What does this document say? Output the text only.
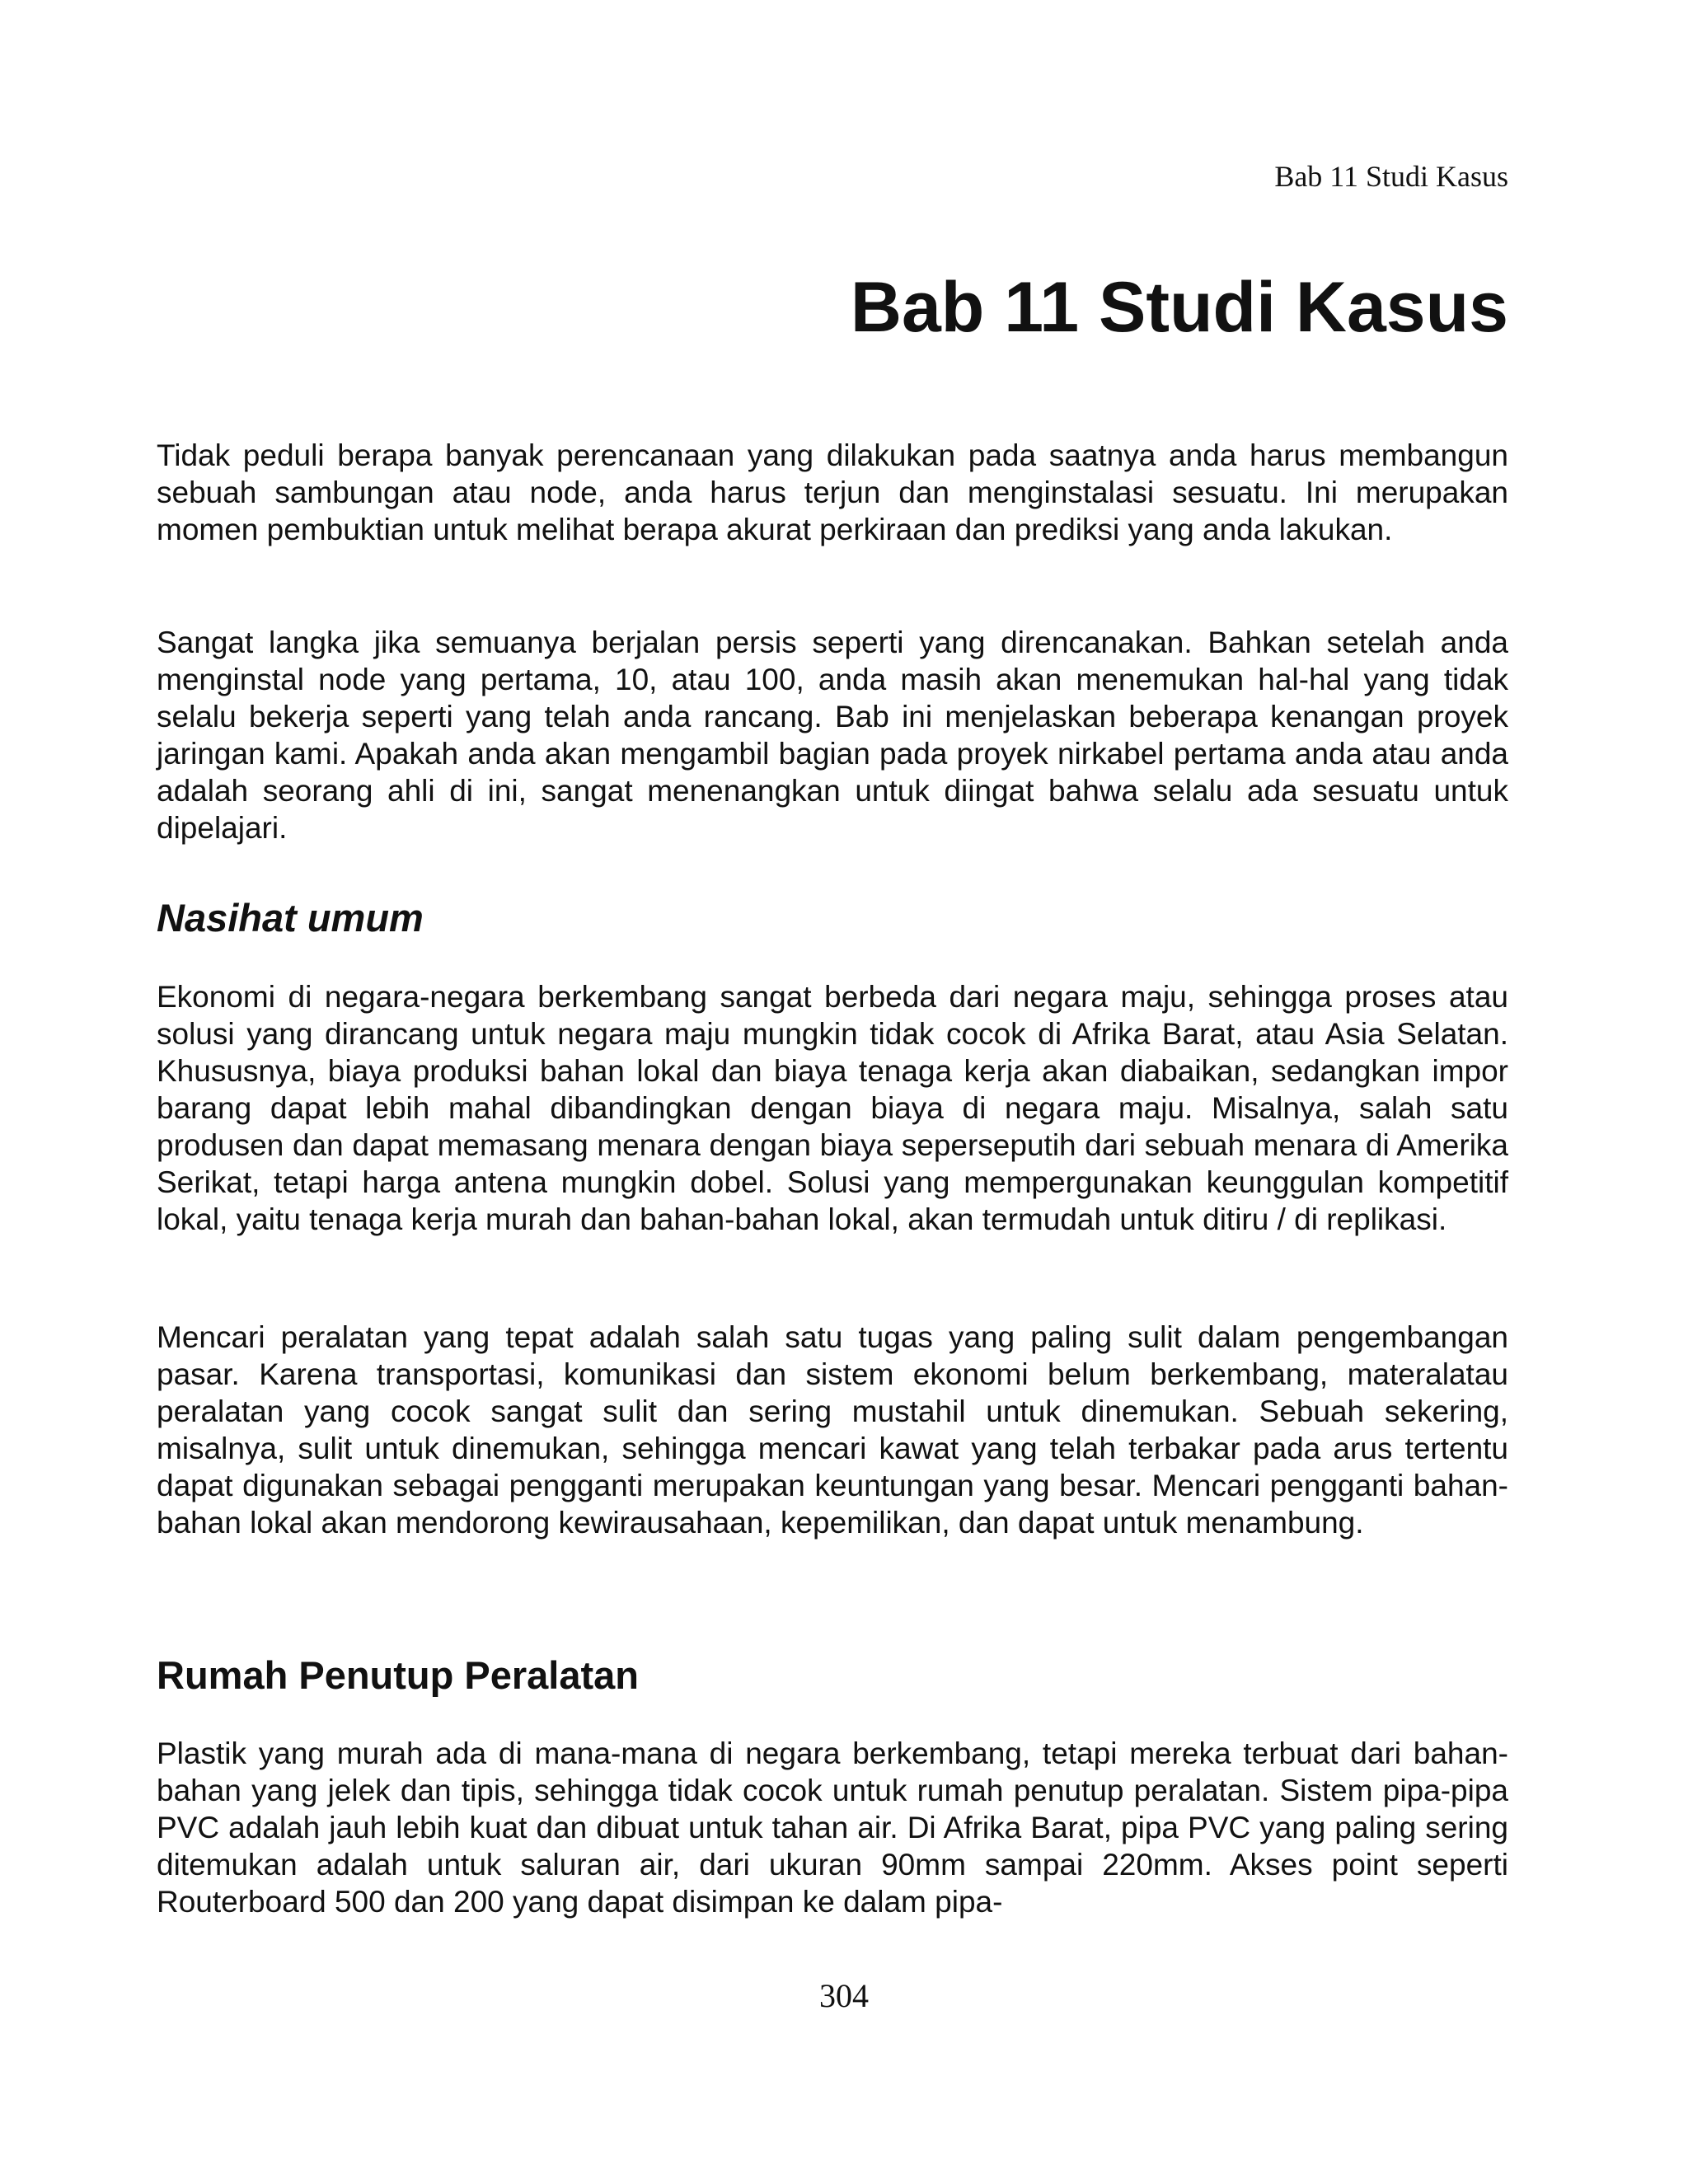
Bab 11 Studi Kasus
Bab 11 Studi Kasus

Tidak peduli berapa banyak perencanaan yang dilakukan pada saatnya anda harus membangun sebuah sambungan atau node, anda harus terjun dan menginstalasi sesuatu. Ini merupakan momen pembuktian untuk melihat berapa akurat perkiraan dan prediksi yang anda lakukan.

Sangat langka jika semuanya berjalan persis seperti yang direncanakan. Bahkan setelah anda menginstal node yang pertama, 10, atau 100, anda masih akan menemukan hal-hal yang tidak selalu bekerja seperti yang telah anda rancang. Bab ini menjelaskan beberapa kenangan proyek jaringan kami. Apakah anda akan mengambil bagian pada proyek nirkabel pertama anda atau anda adalah seorang ahli di ini, sangat menenangkan untuk diingat bahwa selalu ada sesuatu untuk dipelajari.

Nasihat umum

Ekonomi di negara-negara berkembang sangat berbeda dari negara maju, sehingga proses atau solusi yang dirancang untuk negara maju mungkin tidak cocok di Afrika Barat, atau Asia Selatan. Khususnya, biaya produksi bahan lokal dan biaya tenaga kerja akan diabaikan, sedangkan impor barang dapat lebih mahal dibandingkan dengan biaya di negara maju. Misalnya, salah satu produsen dan dapat memasang menara dengan biaya seperseputih dari sebuah menara di Amerika Serikat, tetapi harga antena mungkin dobel. Solusi yang mempergunakan keunggulan kompetitif lokal, yaitu tenaga kerja murah dan bahan-bahan lokal, akan termudah untuk ditiru / di replikasi.

Mencari peralatan yang tepat adalah salah satu tugas yang paling sulit dalam pengembangan pasar. Karena transportasi, komunikasi dan sistem ekonomi belum berkembang, materalatau peralatan yang cocok sangat sulit dan sering mustahil untuk dinemukan. Sebuah sekering, misalnya, sulit untuk dinemukan, sehingga mencari kawat yang telah terbakar pada arus tertentu dapat digunakan sebagai pengganti merupakan keuntungan yang besar. Mencari pengganti bahan-bahan lokal akan mendorong kewirausahaan, kepemilikan, dan dapat untuk menambung.

Rumah Penutup Peralatan

Plastik yang murah ada di mana-mana di negara berkembang, tetapi mereka terbuat dari bahan-bahan yang jelek dan tipis, sehingga tidak cocok untuk rumah penutup peralatan. Sistem pipa-pipa PVC adalah jauh lebih kuat dan dibuat untuk tahan air. Di Afrika Barat, pipa PVC yang paling sering ditemukan adalah untuk saluran air, dari ukuran 90mm sampai 220mm. Akses point seperti Routerboard 500 dan 200 yang dapat disimpan ke dalam pipa-

304
